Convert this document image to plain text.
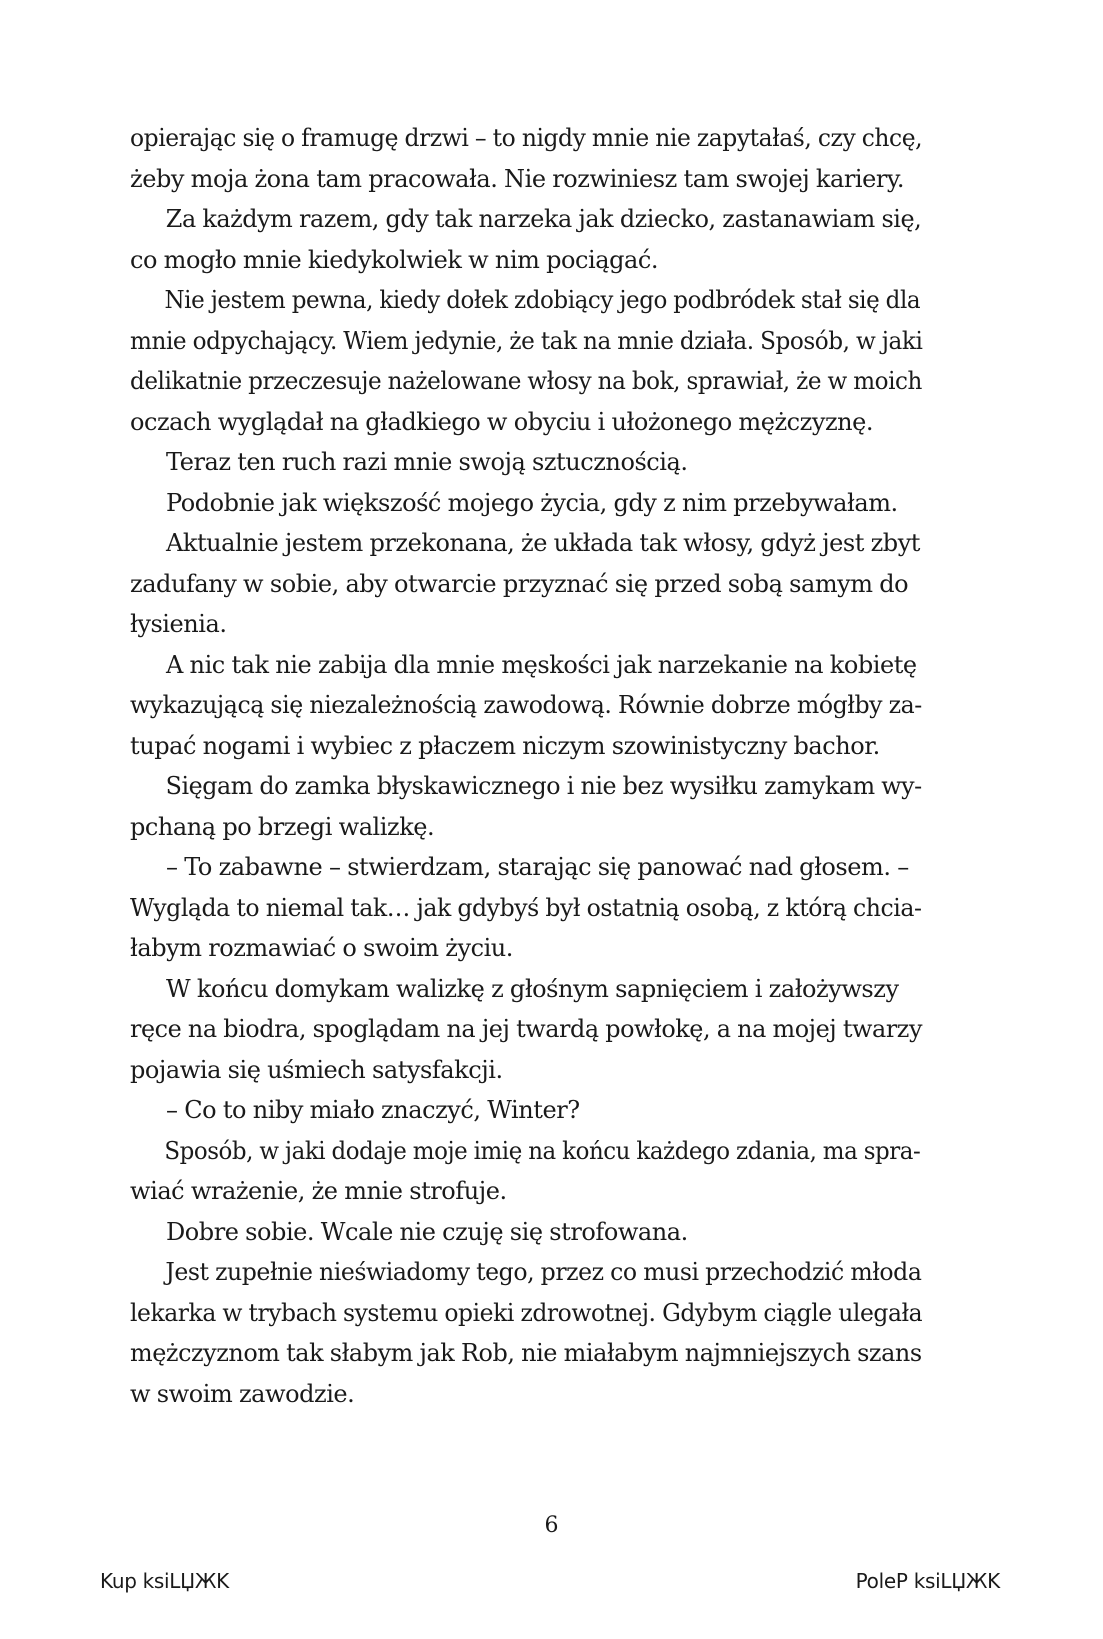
opierając się o framugę drzwi – to nigdy mnie nie zapytałaś, czy chcę,
żeby moja żona tam pracowała. Nie rozwiniesz tam swojej kariery.
Za każdym razem, gdy tak narzeka jak dziecko, zastanawiam się,
co mogło mnie kiedykolwiek w nim pociągać.
Nie jestem pewna, kiedy dołek zdobiący jego podbródek stał się dla
mnie odpychający. Wiem jedynie, że tak na mnie działa. Sposób, w jaki
delikatnie przeczesuje nażelowane włosy na bok, sprawiał, że w moich
oczach wyglądał na gładkiego w obyciu i ułożonego mężczyznę.
Teraz ten ruch razi mnie swoją sztucznością.
Podobnie jak większość mojego życia, gdy z nim przebywałam.
Aktualnie jestem przekonana, że układa tak włosy, gdyż jest zbyt
zadufany w sobie, aby otwarcie przyznać się przed sobą samym do
łysienia.
A nic tak nie zabija dla mnie męskości jak narzekanie na kobietę
wykazującą się niezależnością zawodową. Równie dobrze mógłby za-
tupać nogami i wybiec z płaczem niczym szowinistyczny bachor.
Sięgam do zamka błyskawicznego i nie bez wysiłku zamykam wy-
pchaną po brzegi walizkę.
– To zabawne – stwierdzam, starając się panować nad głosem. –
Wygląda to niemal tak… jak gdybyś był ostatnią osobą, z którą chcia-
łabym rozmawiać o swoim życiu.
W końcu domykam walizkę z głośnym sapnięciem i założywszy
ręce na biodra, spoglądam na jej twardą powłokę, a na mojej twarzy
pojawia się uśmiech satysfakcji.
– Co to niby miało znaczyć, Winter?
Sposób, w jaki dodaje moje imię na końcu każdego zdania, ma spra-
wiać wrażenie, że mnie strofuje.
Dobre sobie. Wcale nie czuję się strofowana.
Jest zupełnie nieświadomy tego, przez co musi przechodzić młoda
lekarka w trybach systemu opieki zdrowotnej. Gdybym ciągle ulegała
mężczyznom tak słabym jak Rob, nie miałabym najmniejszych szans
w swoim zawodzie.
6
Kup ksiLЏЖK	PoleP ksiLЏЖK
